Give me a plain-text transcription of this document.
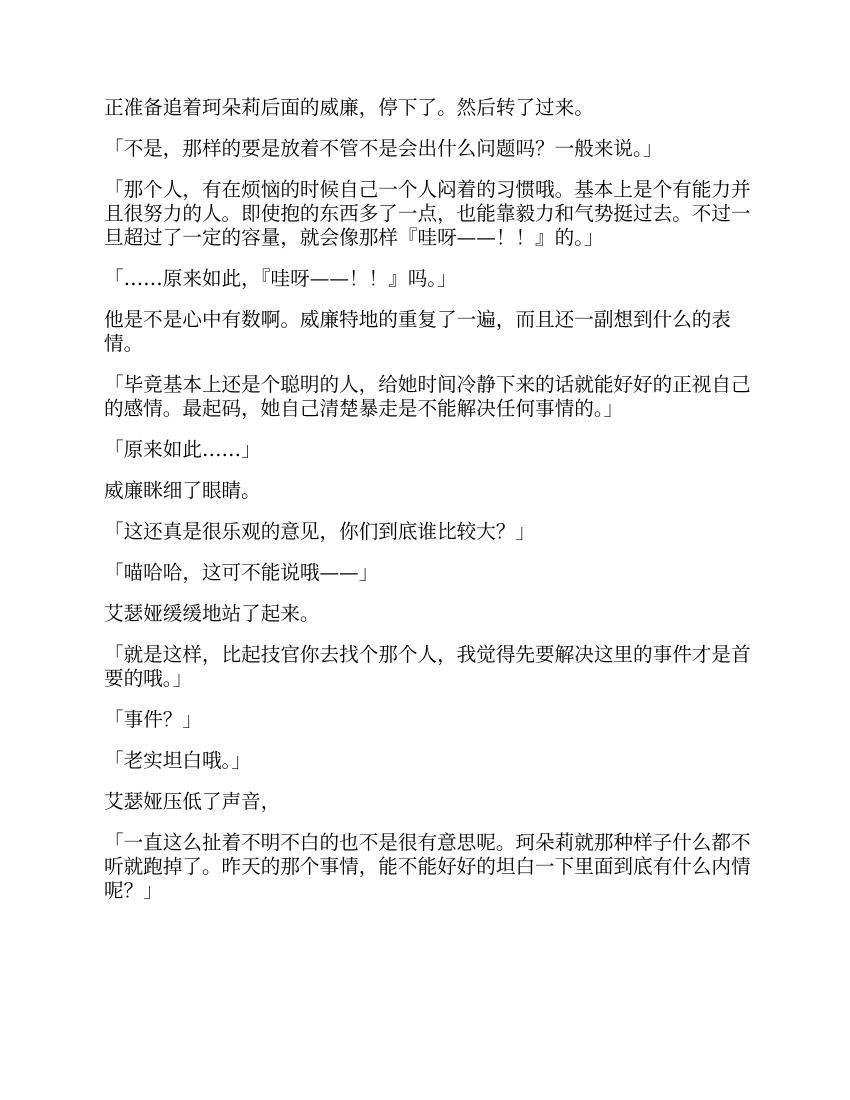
正准备追着珂朵莉后面的威廉，停下了。然后转了过来。

「不是，那样的要是放着不管不是会出什么问题吗？一般来说。」

「那个人，有在烦恼的时候自己一个人闷着的习惯哦。基本上是个有能力并且很努力的人。即使抱的东西多了一点，也能靠毅力和气势挺过去。不过一旦超过了一定的容量，就会像那样『哇呀——！！』的。」

「……原来如此，『哇呀——！！』吗。」

他是不是心中有数啊。威廉特地的重复了一遍，而且还一副想到什么的表情。

「毕竟基本上还是个聪明的人，给她时间冷静下来的话就能好好的正视自己的感情。最起码，她自己清楚暴走是不能解决任何事情的。」

「原来如此……」

威廉眯细了眼睛。

「这还真是很乐观的意见，你们到底谁比较大？」

「喵哈哈，这可不能说哦——」

艾瑟娅缓缓地站了起来。

「就是这样，比起技官你去找个那个人，我觉得先要解决这里的事件才是首要的哦。」

「事件？」

「老实坦白哦。」

艾瑟娅压低了声音，

「一直这么扯着不明不白的也不是很有意思呢。珂朵莉就那种样子什么都不听就跑掉了。昨天的那个事情，能不能好好的坦白一下里面到底有什么内情呢？」
